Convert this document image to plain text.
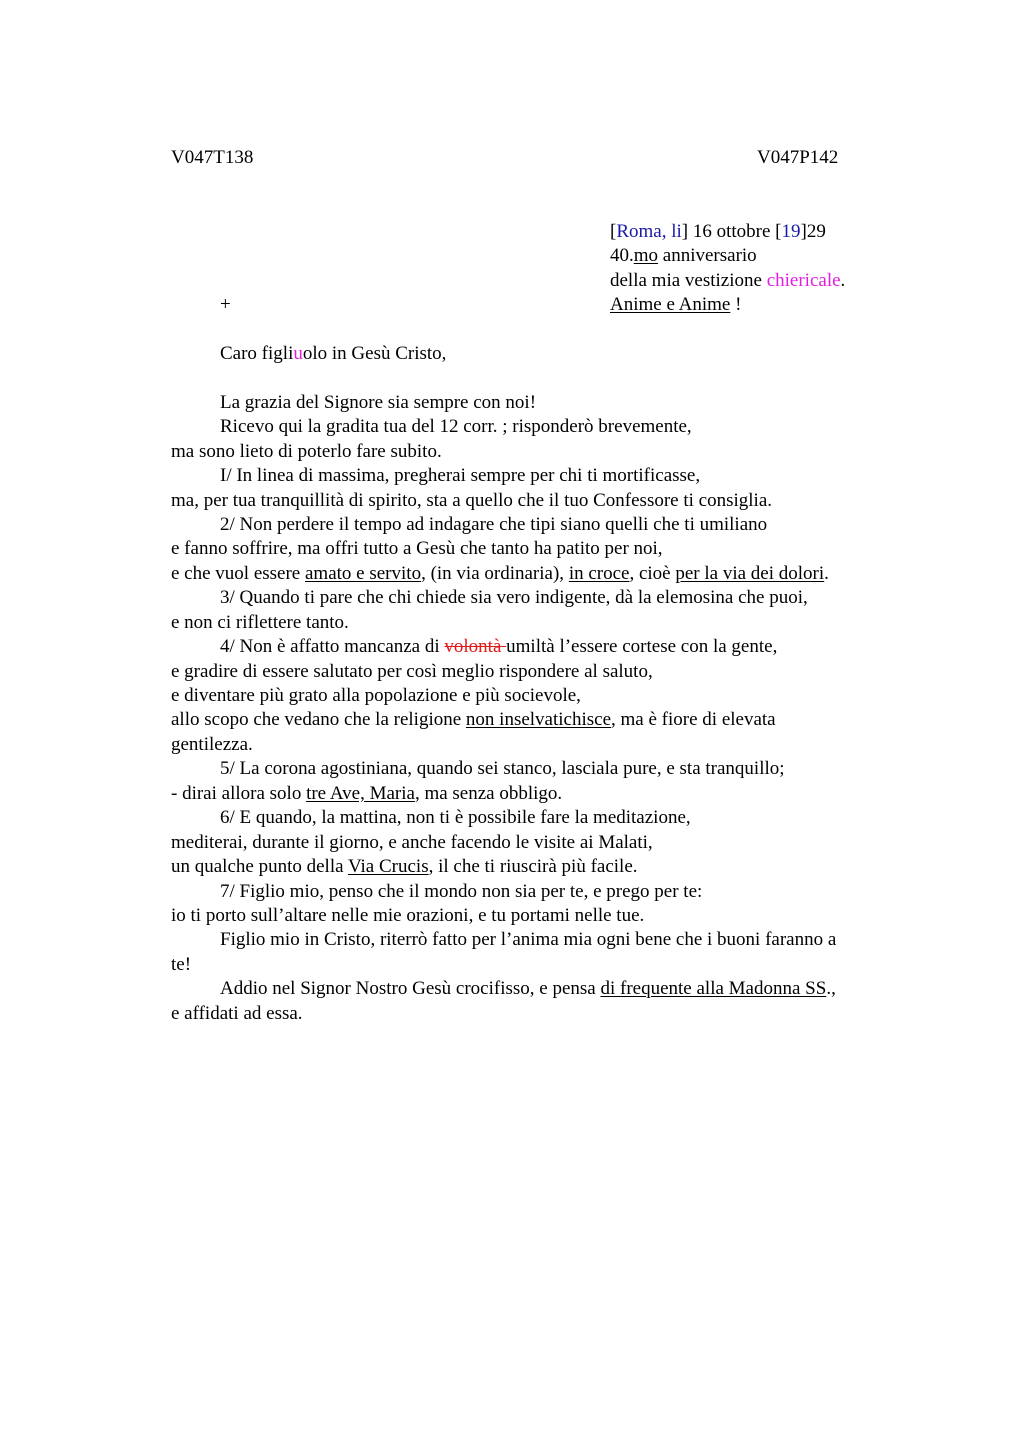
V047T138	V047P142
[Roma, li] 16 ottobre [19]29
40.mo anniversario
della mia vestizione chiericale.
Anime e Anime !
+
Caro figliuolo in Gesù Cristo,
La grazia del Signore sia sempre con noi!
Ricevo qui la gradita tua del 12 corr. ; risponderò brevemente,
ma sono lieto di poterlo fare subito.
I/ In linea di massima, pregherai sempre per chi ti mortificasse,
ma, per tua tranquillità di spirito, sta a quello che il tuo Confessore ti consiglia.
2/ Non perdere il tempo ad indagare che tipi siano quelli che ti umiliano
e fanno soffrire, ma offri tutto a Gesù che tanto ha patito per noi,
e che vuol essere amato e servito, (in via ordinaria), in croce, cioè per la via dei dolori.
3/ Quando ti pare che chi chiede sia vero indigente, dà la elemosina che puoi,
e non ci riflettere tanto.
4/ Non è affatto mancanza di volontà umiltà l’essere cortese con la gente,
e gradire di essere salutato per così meglio rispondere al saluto,
e diventare più grato alla popolazione e più socievole,
allo scopo che vedano che la religione non inselvatichisce, ma è fiore di elevata
gentilezza.
5/ La corona agostiniana, quando sei stanco, lasciala pure, e sta tranquillo;
- dirai allora solo tre Ave, Maria, ma senza obbligo.
6/ E quando, la mattina, non ti è possibile fare la meditazione,
mediterai, durante il giorno, e anche facendo le visite ai Malati,
un qualche punto della Via Crucis, il che ti riuscirà più facile.
7/ Figlio mio, penso che il mondo non sia per te, e prego per te:
io ti porto sull’altare nelle mie orazioni, e tu portami nelle tue.
Figlio mio in Cristo, riterrò fatto per l’anima mia ogni bene che i buoni faranno a
te!
Addio nel Signor Nostro Gesù crocifisso, e pensa di frequente alla Madonna SS.,
e affidati ad essa.
